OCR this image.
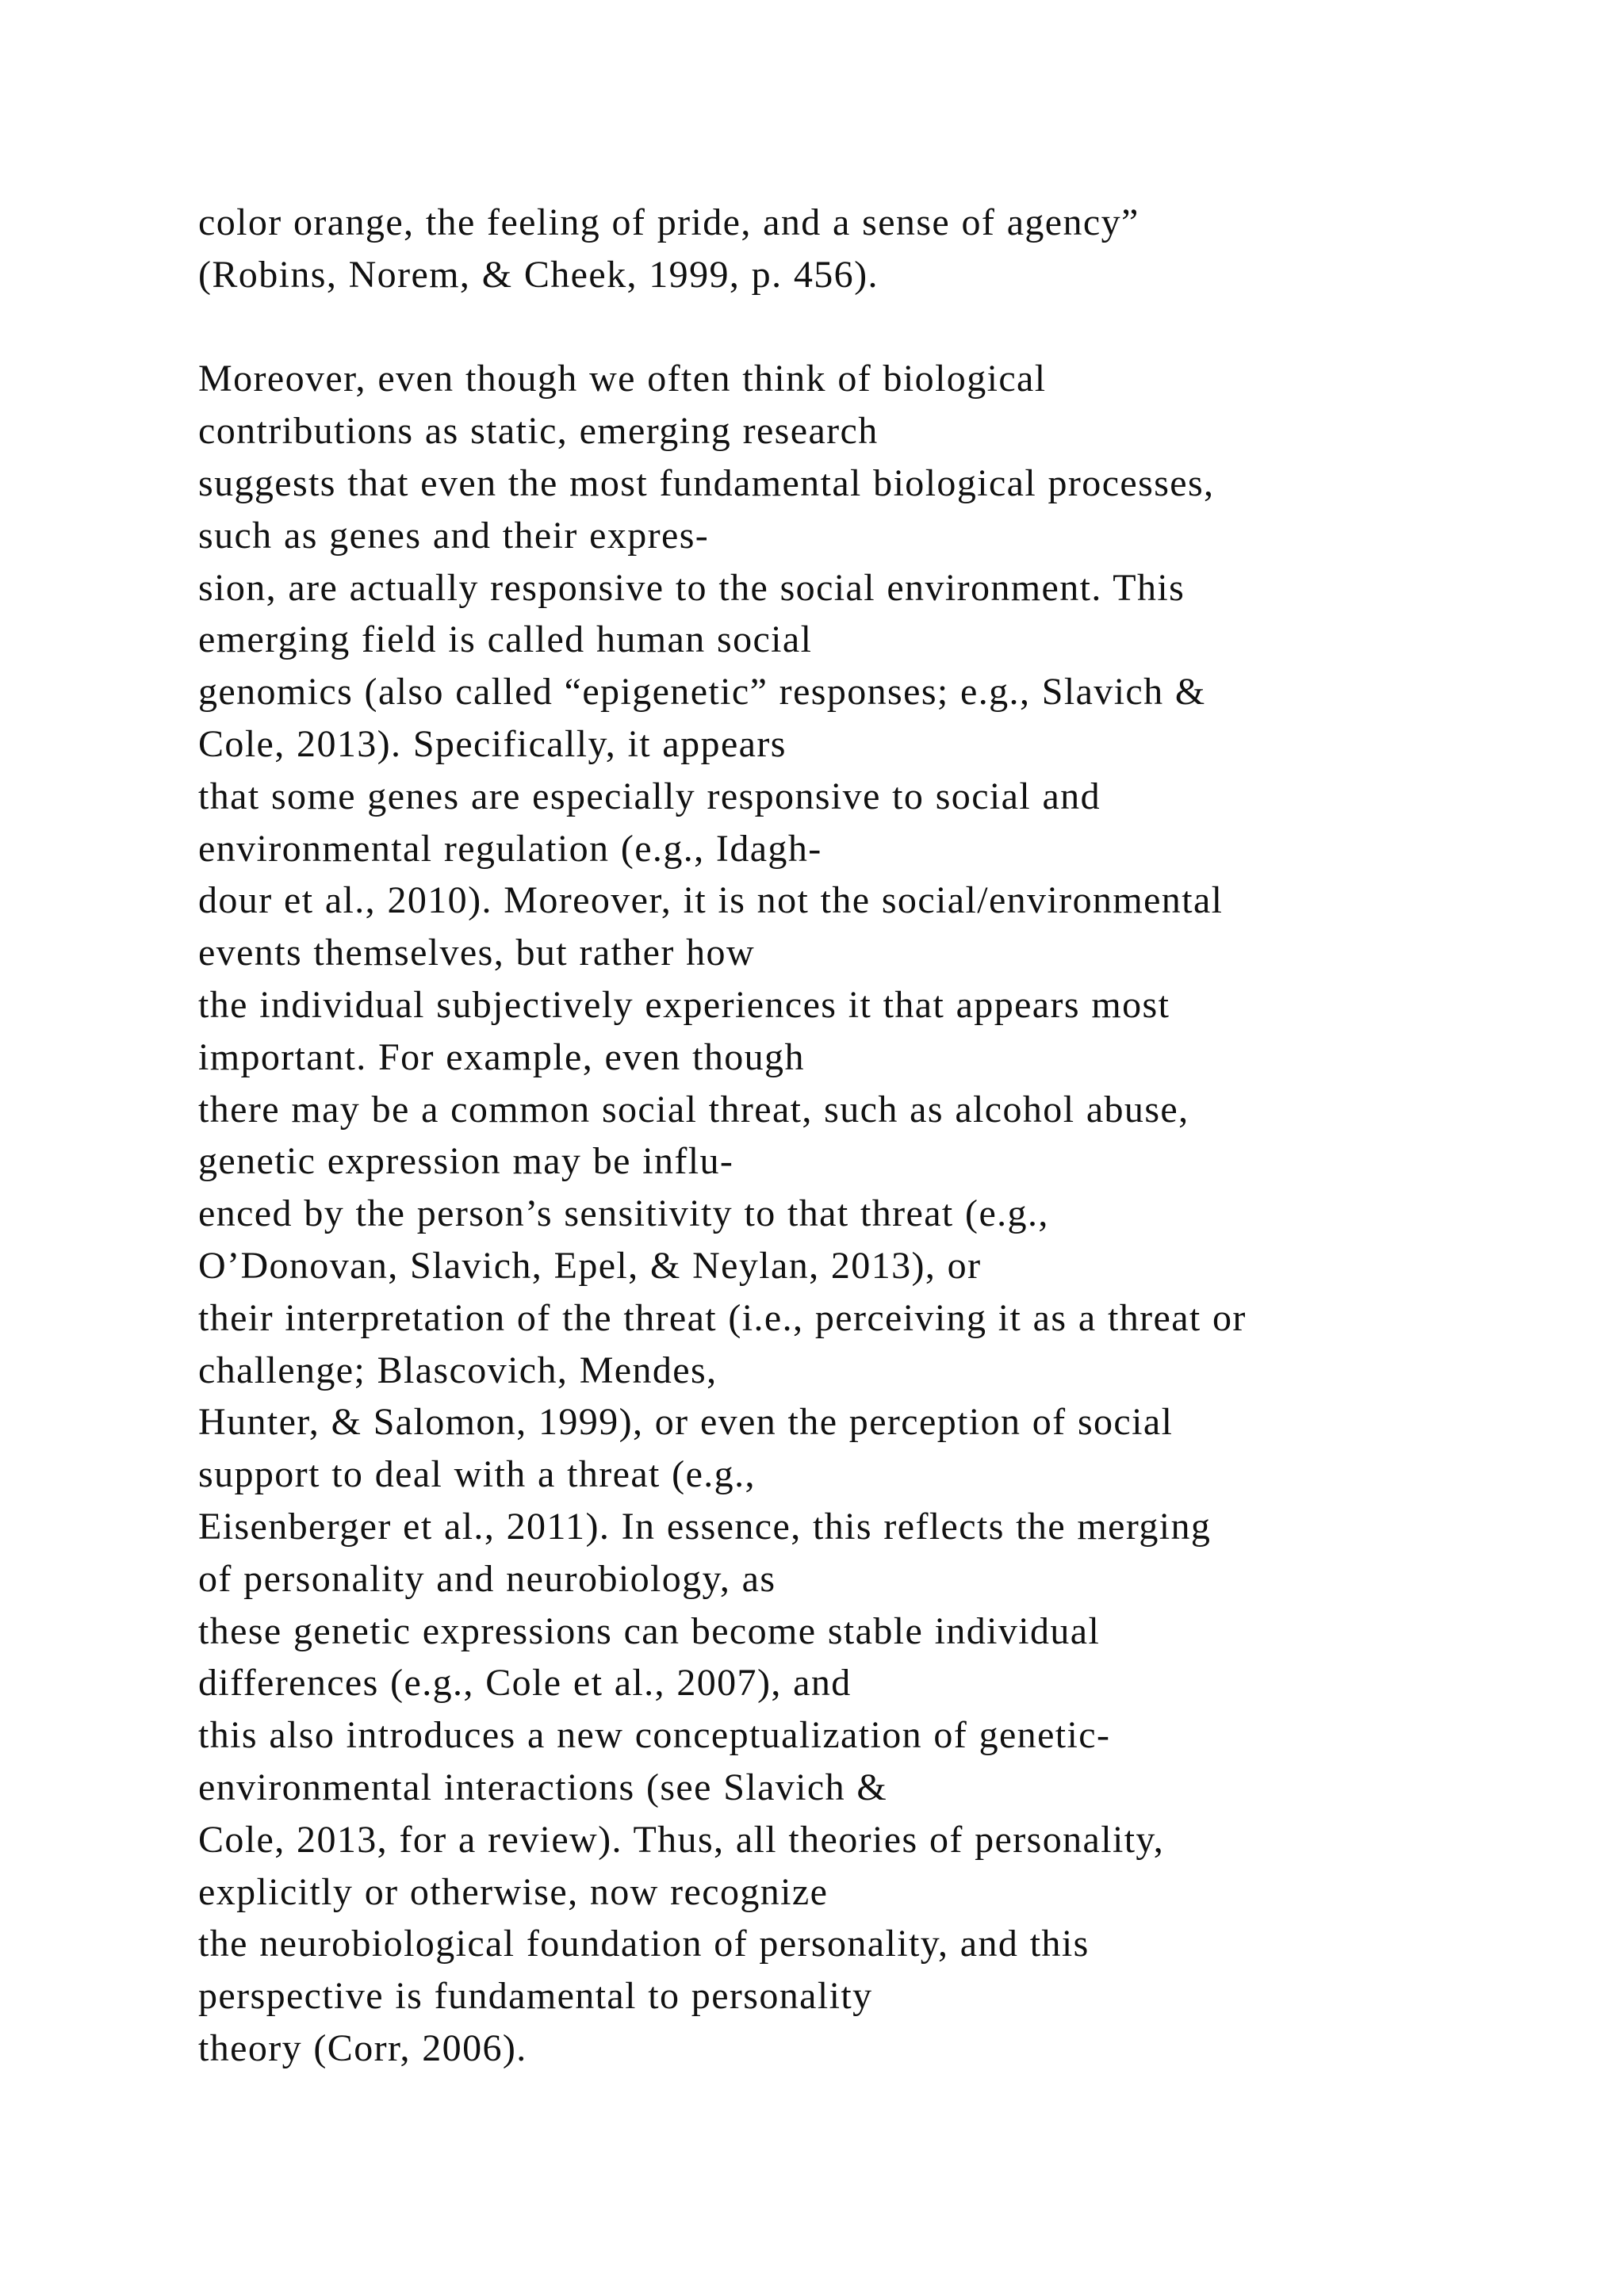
color orange, the feeling of pride, and a sense of agency”
(Robins, Norem, & Cheek, 1999, p. 456).

Moreover, even though we often think of biological
contributions as static, emerging research
suggests that even the most fundamental biological processes,
such as genes and their expres-
sion, are actually responsive to the social environment. This
emerging field is called human social
genomics (also called “epigenetic” responses; e.g., Slavich &
Cole, 2013). Specifically, it appears
that some genes are especially responsive to social and
environmental regulation (e.g., Idagh-
dour et al., 2010). Moreover, it is not the social/environmental
events themselves, but rather how
the individual subjectively experiences it that appears most
important. For example, even though
there may be a common social threat, such as alcohol abuse,
genetic expression may be influ-
enced by the person’s sensitivity to that threat (e.g.,
O’Donovan, Slavich, Epel, & Neylan, 2013), or
their interpretation of the threat (i.e., perceiving it as a threat or
challenge; Blascovich, Mendes,
Hunter, & Salomon, 1999), or even the perception of social
support to deal with a threat (e.g.,
Eisenberger et al., 2011). In essence, this reflects the merging
of personality and neurobiology, as
these genetic expressions can become stable individual
differences (e.g., Cole et al., 2007), and
this also introduces a new conceptualization of genetic-
environmental interactions (see Slavich &
Cole, 2013, for a review). Thus, all theories of personality,
explicitly or otherwise, now recognize
the neurobiological foundation of personality, and this
perspective is fundamental to personality
theory (Corr, 2006).
